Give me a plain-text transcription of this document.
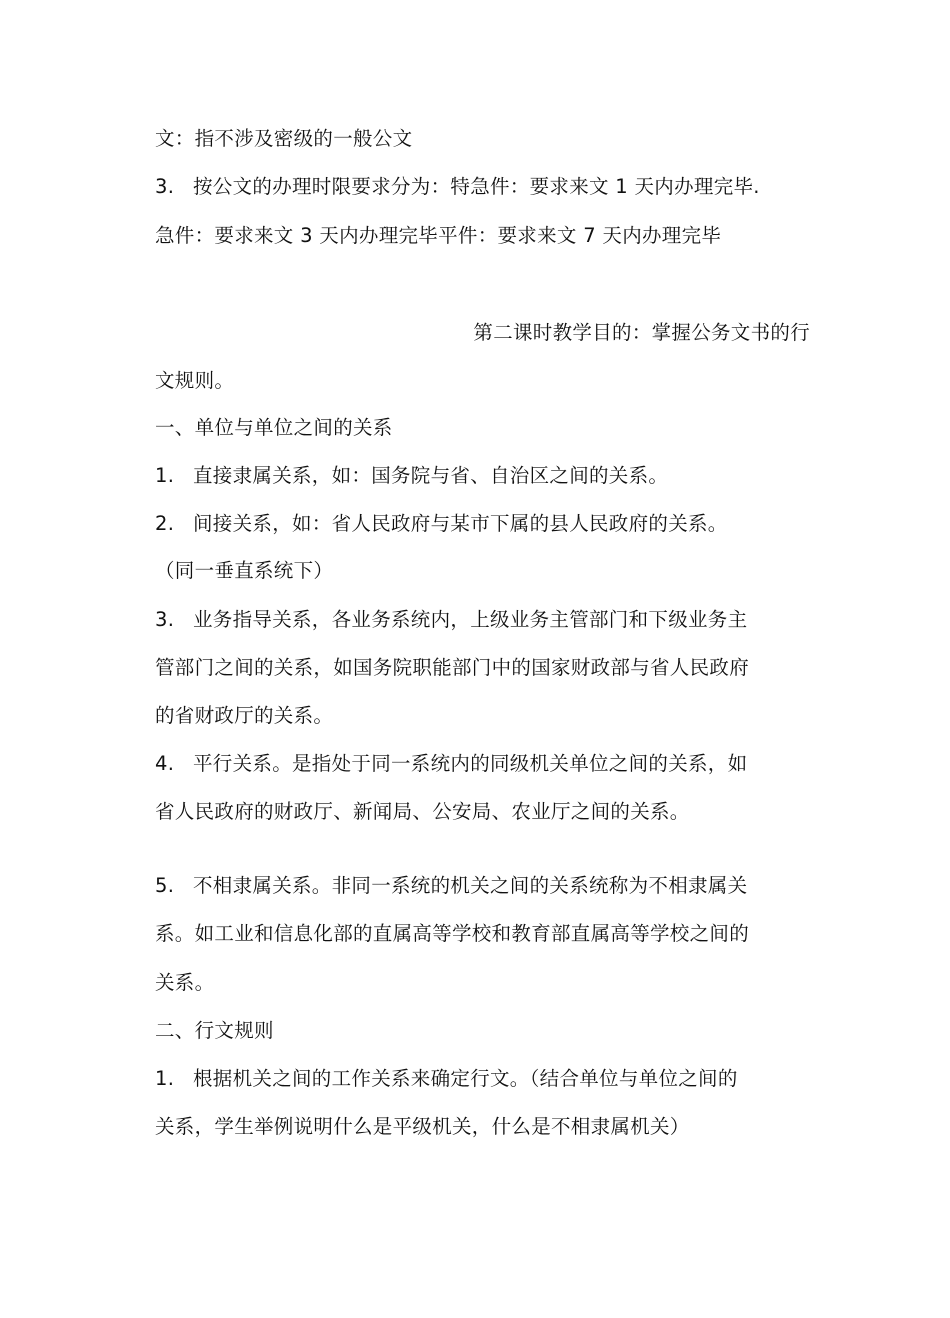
文：指不涉及密级的一般公文
3. 按公文的办理时限要求分为：特急件：要求来文 1 天内办理完毕.
急件：要求来文 3 天内办理完毕平件：要求来文 7 天内办理完毕
第二课时教学目的：掌握公务文书的行
文规则。
一、单位与单位之间的关系
1. 直接隶属关系，如：国务院与省、自治区之间的关系。
2. 间接关系，如：省人民政府与某市下属的县人民政府的关系。
（同一垂直系统下）
3. 业务指导关系，各业务系统内，上级业务主管部门和下级业务主
管部门之间的关系，如国务院职能部门中的国家财政部与省人民政府
的省财政厅的关系。
4. 平行关系。是指处于同一系统内的同级机关单位之间的关系，如
省人民政府的财政厅、新闻局、公安局、农业厅之间的关系。
5. 不相隶属关系。非同一系统的机关之间的关系统称为不相隶属关
系。如工业和信息化部的直属高等学校和教育部直属高等学校之间的
关系。
二、行文规则
1. 根据机关之间的工作关系来确定行文。（结合单位与单位之间的
关系，学生举例说明什么是平级机关，什么是不相隶属机关）
